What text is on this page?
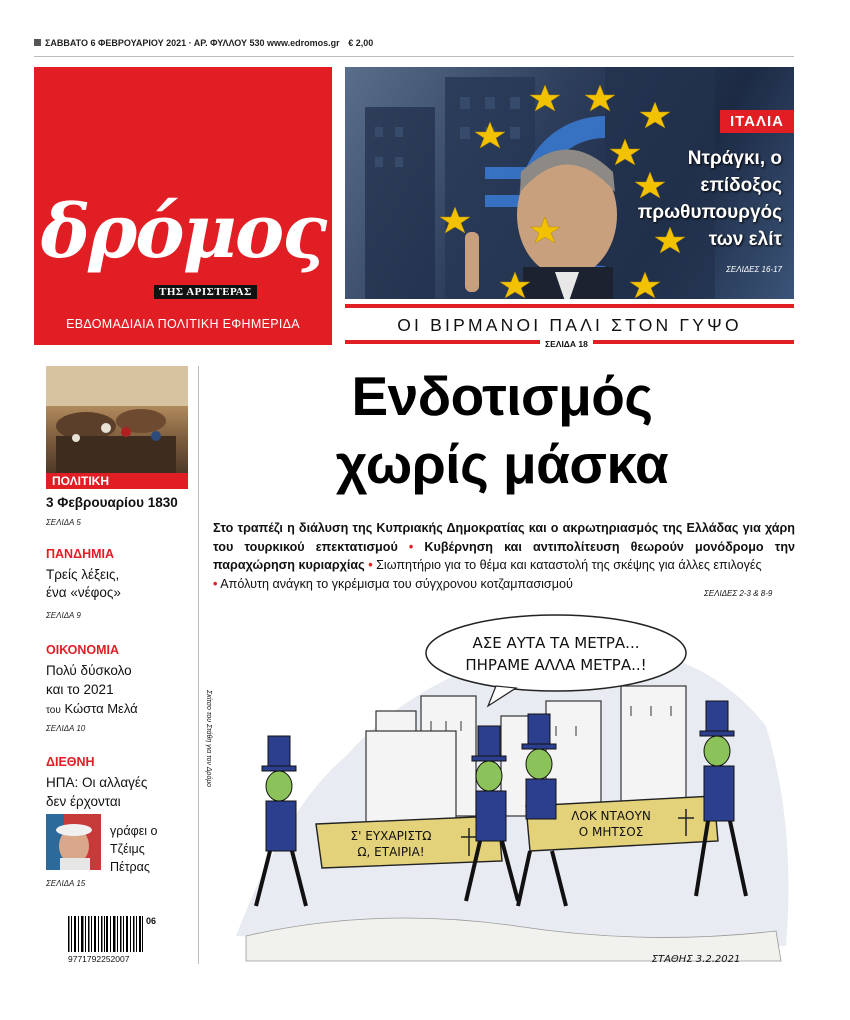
ΣΑΒΒΑΤΟ 6 ΦΕΒΡΟΥΑΡΙΟΥ 2021 · ΑΡ. ΦΥΛΛΟΥ 530 www.edromos.gr € 2,00
δρόμος
ΤΗΣ ΑΡΙΣΤΕΡΑΣ
ΕΒΔΟΜΑΔΙΑΙΑ ΠΟΛΙΤΙΚΗ ΕΦΗΜΕΡΙΔΑ
ΙΤΑΛΙΑ
Ντράγκι, ο επίδοξος πρωθυπουργός των ελίτ
ΣΕΛΙΔΕΣ 16-17
ΟΙ ΒΙΡΜΑΝΟΙ ΠΑΛΙ ΣΤΟΝ ΓΥΨΟ
ΣΕΛΙΔΑ 18
ΠΟΛΙΤΙΚΗ
3 Φεβρουαρίου 1830
ΣΕΛΙΔΑ 5
ΠΑΝΔΗΜΙΑ
Τρείς λέξεις,
ένα «νέφος»
ΣΕΛΙΔΑ 9
ΟΙΚΟΝΟΜΙΑ
Πολύ δύσκολο
και το 2021
του Κώστα Μελά
ΣΕΛΙΔΑ 10
ΔΙΕΘΝΗ
ΗΠΑ: Οι αλλαγές
δεν έρχονται
γράφει ο
Τζέιμς
Πέτρας
ΣΕΛΙΔΑ 15
06
9771792252007
Ενδοτισμός
χωρίς μάσκα
Στο τραπέζι η διάλυση της Κυπριακής Δημοκρατίας και ο ακρωτηριασμός της Ελλάδας για χάρη του τουρκικού επεκτατισμού • Κυβέρνηση και αντιπολίτευση θεωρούν μονόδρομο την παραχώρηση κυριαρχίας • Σιωπητήριο για το θέμα και καταστολή της σκέψης για άλλες επιλογές
• Απόλυτη ανάγκη το γκρέμισμα του σύγχρονου κοτζαμπασισμού
ΣΕΛΙΔΕΣ 2-3 & 8-9
Σκίτσο του Στάθη για τον Δρόμο
ΑΣΕ ΑΥΤΑ ΤΑ ΜΕΤΡΑ...
ΠΗΡΑΜΕ ΑΛΛΑ ΜΕΤΡΑ..!
Σ' ΕΥΧΑΡΙΣΤΩ
Ω, ΕΤΑΙΡΙΑ!
ΛΟΚ ΝΤΑΟΥΝ
Ο ΜΗΤΣΟΣ
ΣΤΑΘΗΣ 3.2.2021
